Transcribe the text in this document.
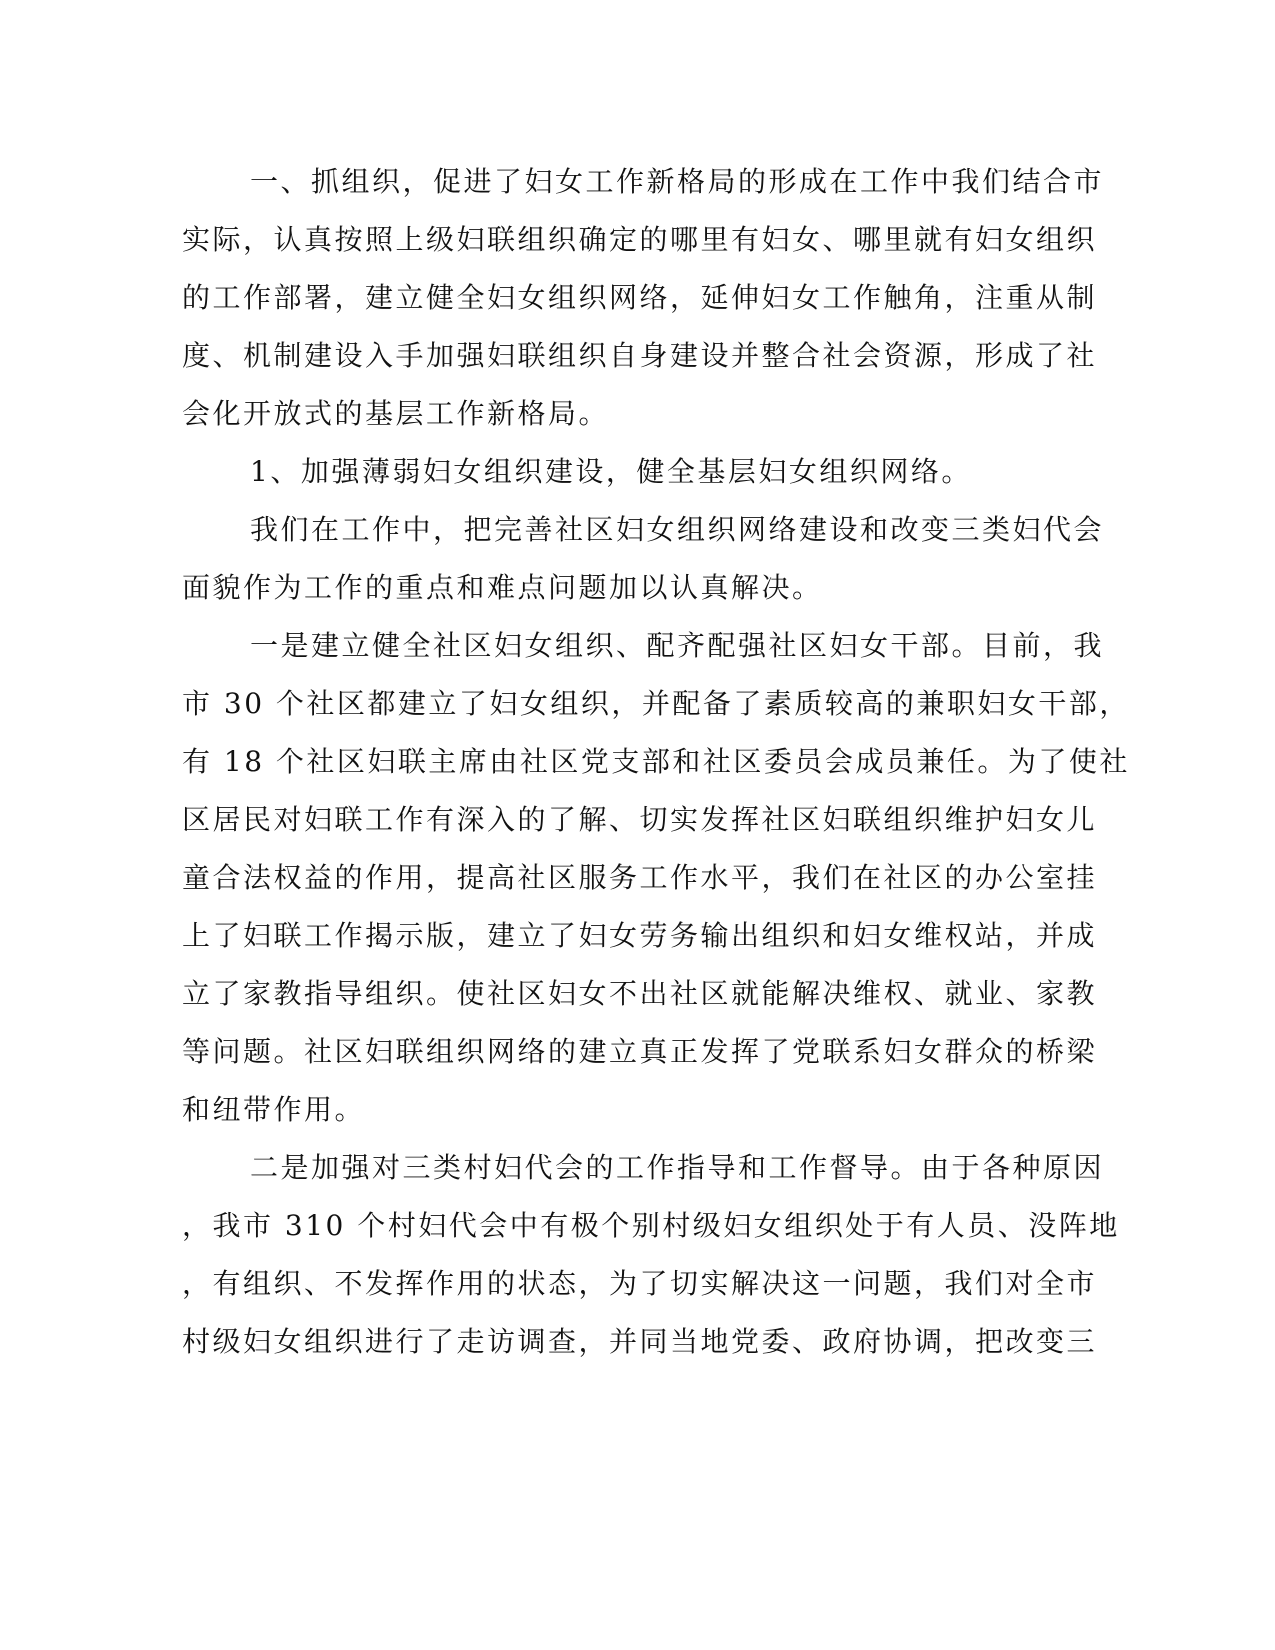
一、抓组织，促进了妇女工作新格局的形成在工作中我们结合市
实际，认真按照上级妇联组织确定的哪里有妇女、哪里就有妇女组织
的工作部署，建立健全妇女组织网络，延伸妇女工作触角，注重从制
度、机制建设入手加强妇联组织自身建设并整合社会资源，形成了社
会化开放式的基层工作新格局。
1、加强薄弱妇女组织建设，健全基层妇女组织网络。
我们在工作中，把完善社区妇女组织网络建设和改变三类妇代会
面貌作为工作的重点和难点问题加以认真解决。
一是建立健全社区妇女组织、配齐配强社区妇女干部。目前，我
市 30 个社区都建立了妇女组织，并配备了素质较高的兼职妇女干部，
有 18 个社区妇联主席由社区党支部和社区委员会成员兼任。为了使社
区居民对妇联工作有深入的了解、切实发挥社区妇联组织维护妇女儿
童合法权益的作用，提高社区服务工作水平，我们在社区的办公室挂
上了妇联工作揭示版，建立了妇女劳务输出组织和妇女维权站，并成
立了家教指导组织。使社区妇女不出社区就能解决维权、就业、家教
等问题。社区妇联组织网络的建立真正发挥了党联系妇女群众的桥梁
和纽带作用。
二是加强对三类村妇代会的工作指导和工作督导。由于各种原因
，我市 310 个村妇代会中有极个别村级妇女组织处于有人员、没阵地
，有组织、不发挥作用的状态，为了切实解决这一问题，我们对全市
村级妇女组织进行了走访调查，并同当地党委、政府协调，把改变三
